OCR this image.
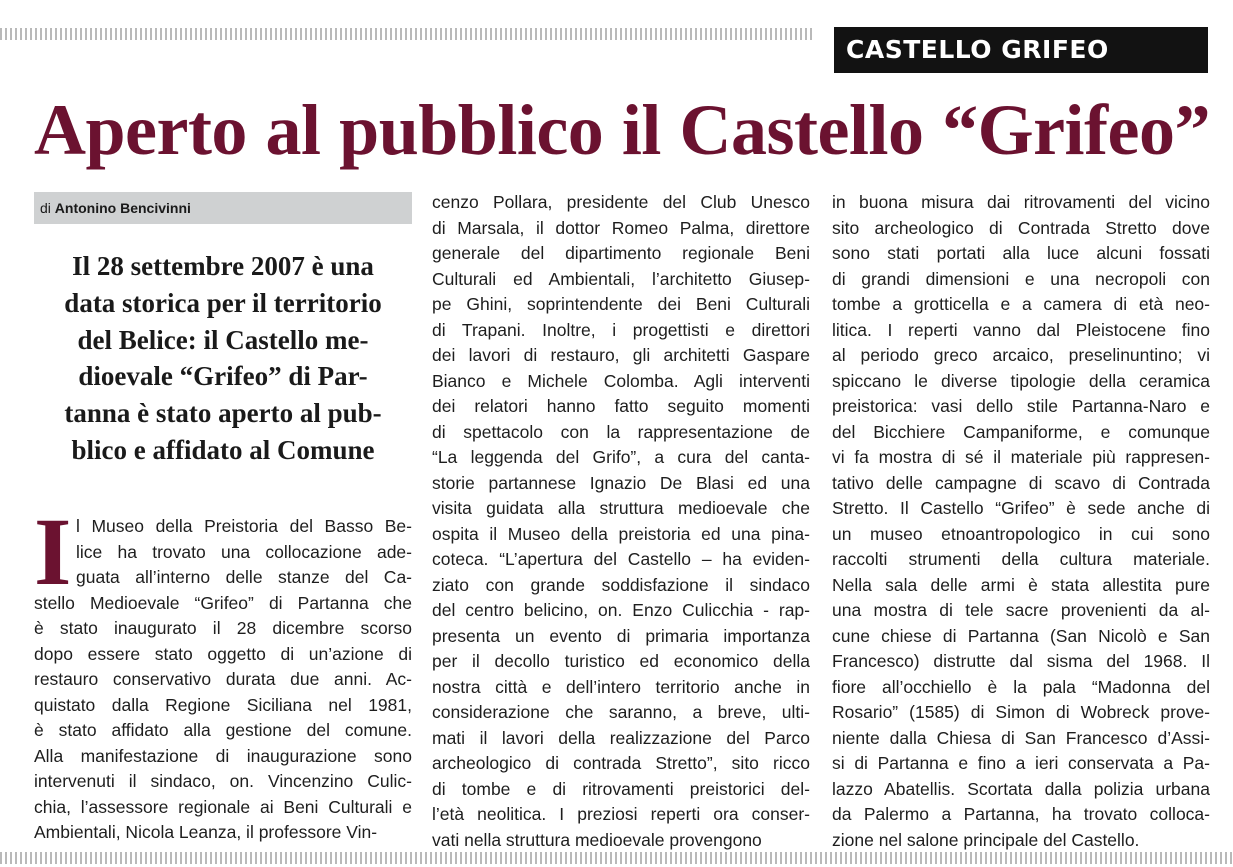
CASTELLO GRIFEO
Aperto al pubblico il Castello “Grifeo”
di Antonino Bencivinni
Il 28 settembre 2007 è una
data storica per il territorio
del Belice: il Castello me-
dioevale “Grifeo” di Par-
tanna è stato aperto al pub-
blico e affidato al Comune
I l Museo della Preistoria del Basso Be-
lice ha trovato una collocazione ade-
guata all’interno delle stanze del Ca-
stello Medioevale “Grifeo” di Partanna che
è stato inaugurato il 28 dicembre scorso
dopo essere stato oggetto di un’azione di
restauro conservativo durata due anni. Ac-
quistato dalla Regione Siciliana nel 1981,
è stato affidato alla gestione del comune.
Alla manifestazione di inaugurazione sono
intervenuti il sindaco, on. Vincenzino Culic-
chia, l’assessore regionale ai Beni Culturali e
Ambientali, Nicola Leanza, il professore Vin-
cenzo Pollara, presidente del Club Unesco
di Marsala, il dottor Romeo Palma, direttore
generale del dipartimento regionale Beni
Culturali ed Ambientali, l’architetto Giusep-
pe Ghini, soprintendente dei Beni Culturali
di Trapani. Inoltre, i progettisti e direttori
dei lavori di restauro, gli architetti Gaspare
Bianco e Michele Colomba. Agli interventi
dei relatori hanno fatto seguito momenti
di spettacolo con la rappresentazione de
“La leggenda del Grifo”, a cura del canta-
storie partannese Ignazio De Blasi ed una
visita guidata alla struttura medioevale che
ospita il Museo della preistoria ed una pina-
coteca. “L’apertura del Castello – ha eviden-
ziato con grande soddisfazione il sindaco
del centro belicino, on. Enzo Culicchia - rap-
presenta un evento di primaria importanza
per il decollo turistico ed economico della
nostra città e dell’intero territorio anche in
considerazione che saranno, a breve, ulti-
mati il lavori della realizzazione del Parco
archeologico di contrada Stretto”, sito ricco
di tombe e di ritrovamenti preistorici del-
l’età neolitica. I preziosi reperti ora conser-
vati nella struttura medioevale provengono
in buona misura dai ritrovamenti del vicino
sito archeologico di Contrada Stretto dove
sono stati portati alla luce alcuni fossati
di grandi dimensioni e una necropoli con
tombe a grotticella e a camera di età neo-
litica. I reperti vanno dal Pleistocene fino
al periodo greco arcaico, preselinuntino; vi
spiccano le diverse tipologie della ceramica
preistorica: vasi dello stile Partanna-Naro e
del Bicchiere Campaniforme, e comunque
vi fa mostra di sé il materiale più rappresen-
tativo delle campagne di scavo di Contrada
Stretto. Il Castello “Grifeo” è sede anche di
un museo etnoantropologico in cui sono
raccolti strumenti della cultura materiale.
Nella sala delle armi è stata allestita pure
una mostra di tele sacre provenienti da al-
cune chiese di Partanna (San Nicolò e San
Francesco) distrutte dal sisma del 1968. Il
fiore all’occhiello è la pala “Madonna del
Rosario” (1585) di Simon di Wobreck prove-
niente dalla Chiesa di San Francesco d’Assi-
si di Partanna e fino a ieri conservata a Pa-
lazzo Abatellis. Scortata dalla polizia urbana
da Palermo a Partanna, ha trovato colloca-
zione nel salone principale del Castello.
